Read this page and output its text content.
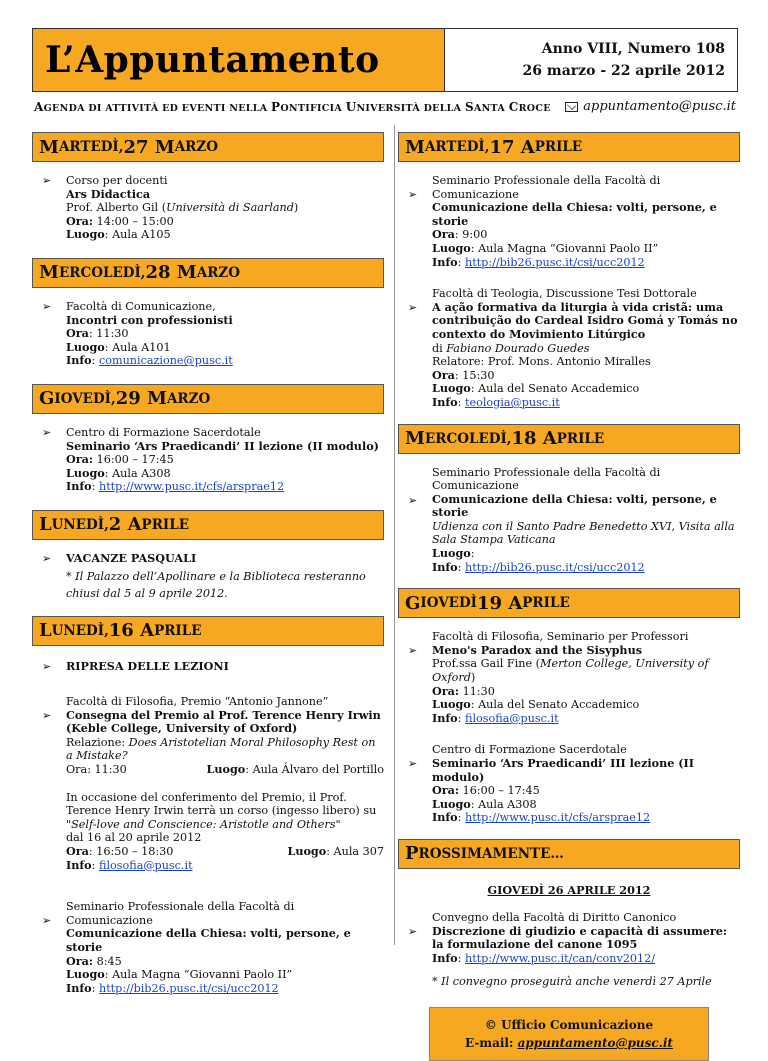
L’Appuntamento	Anno VIII, Numero 108
26 marzo - 22 aprile 2012
AGENDA DI ATTIVITÀ ED EVENTI NELLA PONTIFICIA UNIVERSITÀ DELLA SANTA CROCE	appuntamento@pusc.it
M ARTEDÌ, 27 M ARZO
➢ Corso per docenti
Ars Didactica
Prof. Alberto Gil (Università di Saarland)
Ora: 14:00 – 15:00
Luogo: Aula A105
M ERCOLEDÌ, 28 M ARZO
➢ Facoltà di Comunicazione,
Incontri con professionisti
Ora: 11:30
Luogo: Aula A101
Info: comunicazione@pusc.it
G IOVEDÌ, 29 M ARZO
➢ Centro di Formazione Sacerdotale
Seminario ‘Ars Praedicandi’ II lezione (II modulo)
Ora: 16:00 – 17:45
Luogo: Aula A308
Info: http://www.pusc.it/cfs/arsprae12
L UNEDÌ, 2 A PRILE
➢ VACANZE PASQUALI
* Il Palazzo dell’Apollinare e la Biblioteca resteranno chiusi dal 5 al 9 aprile 2012.
L UNEDÌ, 16 A PRILE
➢ RIPRESA DELLE LEZIONI
➢
Facoltà di Filosofia, Premio “Antonio Jannone”
Consegna del Premio al Prof. Terence Henry Irwin (Keble College, University of Oxford)
Relazione: Does Aristotelian Moral Philosophy Rest on a Mistake?
Ora: 11:30	Luogo: Aula Álvaro del Portillo
In occasione del conferimento del Premio, il Prof. Terence Henry Irwin terrà un corso (ingesso libero) su "Self-love and Conscience: Aristotle and Others"
dal 16 al 20 aprile 2012
Ora: 16:50 – 18:30	Luogo: Aula 307
Info: filosofia@pusc.it
➢
Seminario Professionale della Facoltà di Comunicazione
Comunicazione della Chiesa: volti, persone, e storie
Ora: 8:45
Luogo: Aula Magna “Giovanni Paolo II”
Info: http://bib26.pusc.it/csi/ucc2012
M ARTEDÌ, 17 A PRILE
➢
Seminario Professionale della Facoltà di Comunicazione
Comunicazione della Chiesa: volti, persone, e storie
Ora: 9:00
Luogo: Aula Magna “Giovanni Paolo II”
Info: http://bib26.pusc.it/csi/ucc2012
➢
Facoltà di Teologia, Discussione Tesi Dottorale
A ação formativa da liturgia à vida cristã: uma contribuição do Cardeal Isidro Gomá y Tomás no contexto do Movimiento Litúrgico
di Fabiano Dourado Guedes
Relatore: Prof. Mons. Antonio Miralles
Ora: 15:30
Luogo: Aula del Senato Accademico
Info: teologia@pusc.it
M ERCOLEDÌ, 18 A PRILE
➢
Seminario Professionale della Facoltà di Comunicazione
Comunicazione della Chiesa: volti, persone, e storie
Udienza con il Santo Padre Benedetto XVI, Visita alla Sala Stampa Vaticana
Luogo:
Info: http://bib26.pusc.it/csi/ucc2012
G IOVEDÌ 19 A PRILE
➢
Facoltà di Filosofia, Seminario per Professori
Meno's Paradox and the Sisyphus
Prof.ssa Gail Fine (Merton College, University of Oxford)
Ora: 11:30
Luogo: Aula del Senato Accademico
Info: filosofia@pusc.it
➢
Centro di Formazione Sacerdotale
Seminario ‘Ars Praedicandi’ III lezione (II modulo)
Ora: 16:00 – 17:45
Luogo: Aula A308
Info: http://www.pusc.it/cfs/arsprae12
P ROSSIMAMENTE…
GIOVEDÌ 26 APRILE 2012
➢
Convegno della Facoltà di Diritto Canonico
Discrezione di giudizio e capacità di assumere: la formulazione del canone 1095
Info: http://www.pusc.it/can/conv2012/
* Il convegno proseguirà anche venerdì 27 Aprile
© Ufficio Comunicazione
E-mail: appuntamento@pusc.it
